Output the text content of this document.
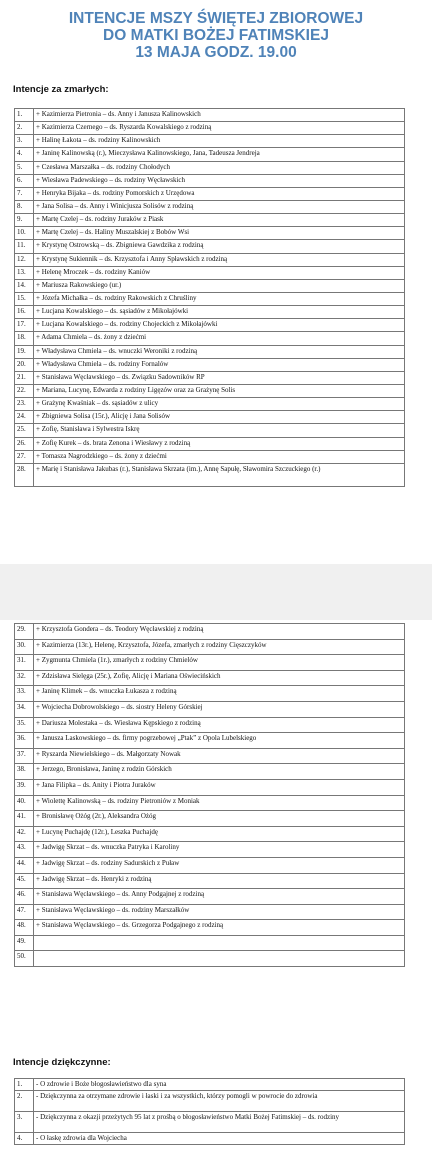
INTENCJE MSZY ŚWIĘTEJ ZBIOROWEJ
DO MATKI BOŻEJ FATIMSKIEJ
13 MAJA GODZ. 19.00
Intencje za zmarłych:
1.	+ Kazimierza Pietronia – ds. Anny i Janusza Kalinowskich
2.	+ Kazimierza Czernego – ds. Ryszarda Kowalskiego z rodziną
3.	+ Halinę Łakota – ds. rodziny Kalinowskich
4.	+ Janinę Kalinowską (r.), Mieczysława Kalinowskiego, Jana, Tadeusza Jendreja
5.	+ Czesława Marszałka – ds. rodziny Chołodych
6.	+ Wiesława Padewskiego – ds. rodziny Węcławskich
7.	+ Henryka Bijaka – ds. rodziny Pomorskich z Urzędowa
8.	+ Jana Solisa – ds. Anny i Winicjusza Solisów z rodziną
9.	+ Martę Czelej – ds. rodziny Juraków z Piask
10.	+ Martę Czelej – ds. Haliny Muszalskiej z Bobów Wsi
11.	+ Krystynę Ostrowską – ds. Zbigniewa Gawdzika z rodziną
12.	+ Krystynę Sukiennik – ds. Krzysztofa i Anny Spławskich z rodziną
13.	+ Helenę Mroczek – ds. rodziny Kaniów
14.	+ Mariusza Rakowskiego (ur.)
15.	+ Józefa Michałka – ds. rodziny Rakowskich z Chruśliny
16.	+ Lucjana Kowalskiego – ds. sąsiadów z Mikołajówki
17.	+ Lucjana Kowalskiego – ds. rodziny Chojeckich z Mikołajówki
18.	+ Adama Chmiela – ds. żony z dziećmi
19.	+ Władysława Chmiela – ds. wnuczki Weroniki z rodziną
20.	+ Władysława Chmiela – ds. rodziny Fornalów
21.	+ Stanisława Węcławskiego – ds. Związku Sadowników RP
22.	+ Mariana, Lucynę, Edwarda z rodziny Ligęzów oraz za Grażynę Solis
23.	+ Grażynę Kwaśniak – ds. sąsiadów z ulicy
24.	+ Zbigniewa Solisa (15r.), Alicję i Jana Solisów
25.	+ Zofię, Stanisława i Sylwestra Iskrę
26.	+ Zofię Kurek – ds. brata Zenona i Wiesławy z rodziną
27.	+ Tomasza Nagrodzkiego – ds. żony z dziećmi
28.	+ Marię i Stanisława Jakubas (r.), Stanisława Skrzata (im.), Annę Sapułę, Sławomira Szczuckiego (r.)
29.	+ Krzysztofa Gondera – ds. Teodory Węcławskiej z rodziną
30.	+ Kazimierza (13r.), Helenę, Krzysztofa, Józefa, zmarłych z rodziny Cięszczyków
31.	+ Zygmunta Chmiela (1r.), zmarłych z rodziny Chmielów
32.	+ Zdzisława Sielęga (25r.), Zofię, Alicję i Mariana Oświecińskich
33.	+ Janinę Klimek – ds. wnuczka Łukasza z rodziną
34.	+ Wojciecha Dobrowolskiego – ds. siostry Heleny Górskiej
35.	+ Dariusza Molestaka – ds. Wiesława Kępskiego z rodziną
36.	+ Janusza Laskowskiego – ds. firmy pogrzebowej „Ptak” z Opola Lubelskiego
37.	+ Ryszarda Niewielskiego – ds. Małgorzaty Nowak
38.	+ Jerzego, Bronisława, Janinę z rodzin Górskich
39.	+ Jana Filipka – ds. Anity i Piotra Juraków
40.	+ Wiolettę Kalinowską – ds. rodziny Pietroniów z Moniak
41.	+ Bronisławę Ożóg (2r.), Aleksandra Ożóg
42.	+ Lucynę Puchajdę (12r.), Leszka Puchajdę
43.	+ Jadwigę Skrzat – ds. wnuczka Patryka i Karoliny
44.	+ Jadwigę Skrzat – ds. rodziny Sadurskich z Puław
45.	+ Jadwigę Skrzat – ds. Henryki z rodziną
46.	+ Stanisława Węcławskiego – ds. Anny Podgajnej z rodziną
47.	+ Stanisława Węcławskiego – ds. rodziny Marszałków
48.	+ Stanisława Węcławskiego – ds. Grzegorza Podgajnego z rodziną
49.	
50.	
Intencje dziękczynne:
1.	- O zdrowie i Boże błogosławieństwo dla syna
2.	- Dziękczynna za otrzymane zdrowie i łaski i za wszystkich, którzy pomogli w powrocie do zdrowia
3.	- Dziękczynna z okazji przeżytych 95 lat z prośbą o błogosławieństwo Matki Bożej Fatimskiej – ds. rodziny
4.	- O łaskę zdrowia dla Wojciecha
